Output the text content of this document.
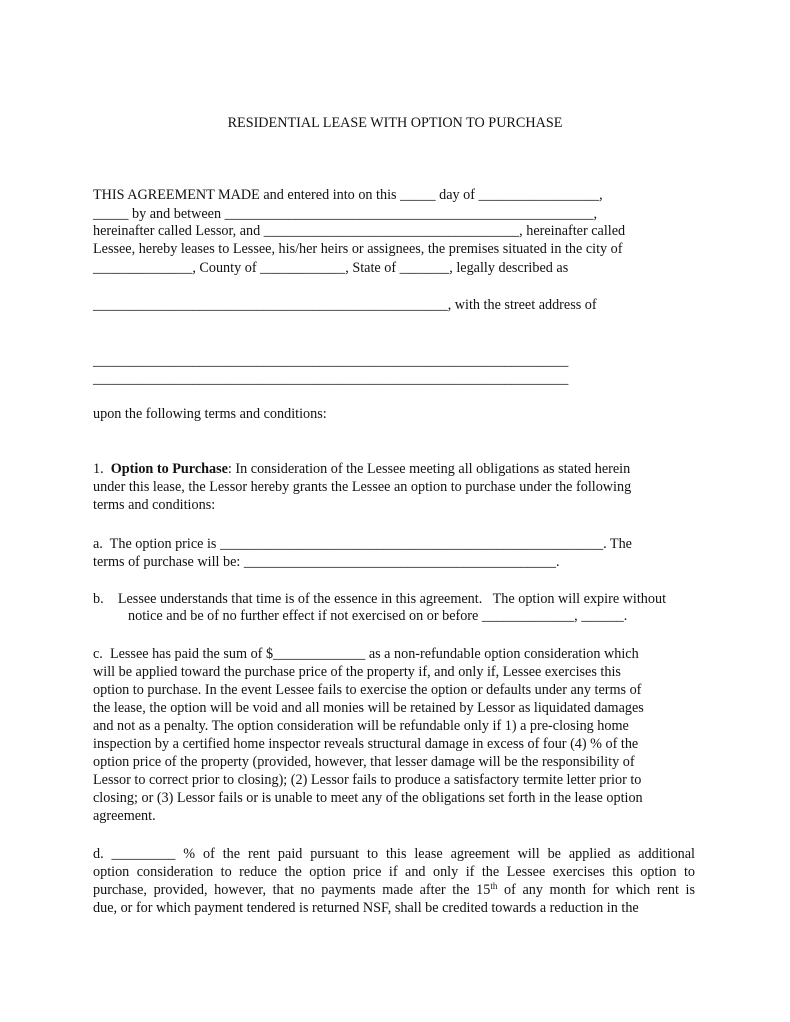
RESIDENTIAL LEASE WITH OPTION TO PURCHASE
THIS AGREEMENT MADE and entered into on this _____ day of _________________,
_____ by and between ____________________________________________________,
hereinafter called Lessor, and ____________________________________, hereinafter called
Lessee, hereby leases to Lessee, his/her heirs or assignees, the premises situated in the city of
______________, County of ____________, State of _______, legally described as
__________________________________________________, with the street address of
___________________________________________________________________
___________________________________________________________________
upon the following terms and conditions:
1. Option to Purchase: In consideration of the Lessee meeting all obligations as stated herein
under this lease, the Lessor hereby grants the Lessee an option to purchase under the following
terms and conditions:
a.  The option price is ______________________________________________________. The
terms of purchase will be: ____________________________________________.
b.    Lessee understands that time is of the essence in this agreement.   The option will expire without
notice and be of no further effect if not exercised on or before _____________, ______.
c.  Lessee has paid the sum of $_____________ as a non-refundable option consideration which
will be applied toward the purchase price of the property if, and only if, Lessee exercises this
option to purchase. In the event Lessee fails to exercise the option or defaults under any terms of
the lease, the option will be void and all monies will be retained by Lessor as liquidated damages
and not as a penalty. The option consideration will be refundable only if 1) a pre-closing home
inspection by a certified home inspector reveals structural damage in excess of four (4) % of the
option price of the property (provided, however, that lesser damage will be the responsibility of
Lessor to correct prior to closing); (2) Lessor fails to produce a satisfactory termite letter prior to
closing; or (3) Lessor fails or is unable to meet any of the obligations set forth in the lease option
agreement.
d. _________ % of the rent paid pursuant to this lease agreement will be applied as additional
option consideration to reduce the option price if and only if the Lessee exercises this option to
purchase, provided, however, that no payments made after the 15th of any month for which rent is
due, or for which payment tendered is returned NSF, shall be credited towards a reduction in the
